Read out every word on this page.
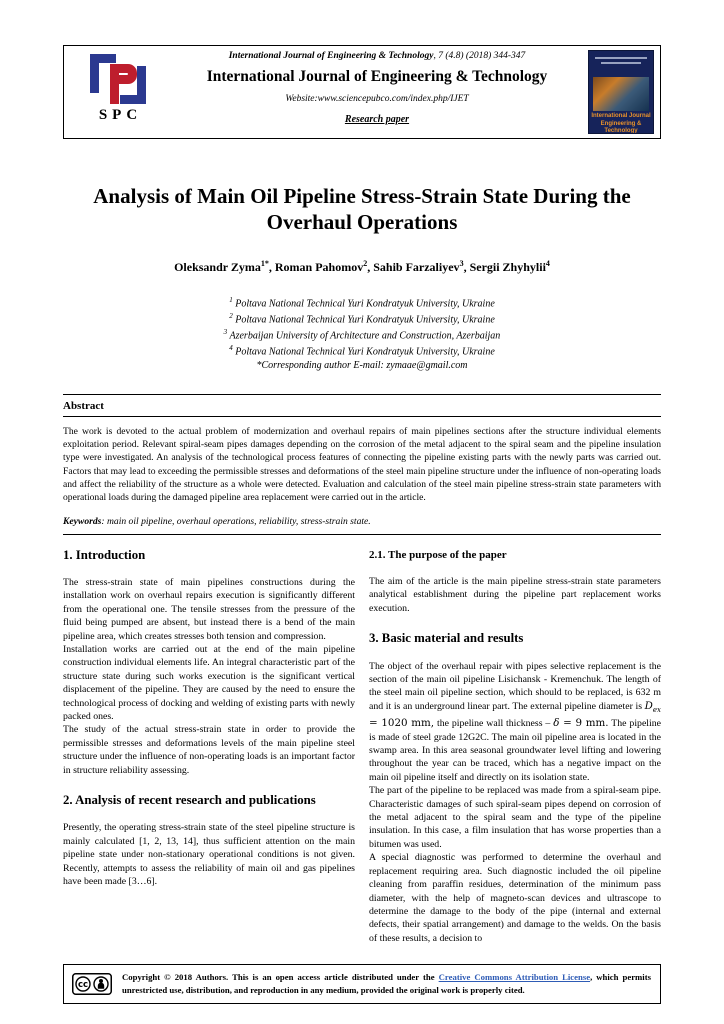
SPC
International Journal of Engineering & Technology, 7 (4.8) (2018) 344-347
International Journal of Engineering & Technology
Website:www.sciencepubco.com/index.php/IJET
Research paper	International Journal
Engineering & Technology
Analysis of Main Oil Pipeline Stress-Strain State During the Overhaul Operations
Oleksandr Zyma$^{1*}$, Roman Pahomov$^2$, Sahib Farzaliyev$^3$, Sergii Zhyhylii$^4$
$^1$ Poltava National Technical Yuri Kondratyuk University, Ukraine
$^2$ Poltava National Technical Yuri Kondratyuk University, Ukraine
$^3$ Azerbaijan University of Architecture and Construction, Azerbaijan
$^4$ Poltava National Technical Yuri Kondratyuk University, Ukraine
*Corresponding author E-mail: zymaae@gmail.com
Abstract

The work is devoted to the actual problem of modernization and overhaul repairs of main pipelines sections after the structure individual elements exploitation period. Relevant spiral-seam pipes damages depending on the corrosion of the metal adjacent to the spiral seam and the pipeline insulation type were investigated. An analysis of the technological process features of connecting the pipeline existing parts with the newly parts was carried out. Factors that may lead to exceeding the permissible stresses and deformations of the steel main pipeline structure under the influence of non-operating loads and affect the reliability of the structure as a whole were detected. Evaluation and calculation of the steel main pipeline stress-strain state parameters with operational loads during the damaged pipeline area replacement were carried out in the article.

Keywords: main oil pipeline, overhaul operations, reliability, stress-strain state.

1. Introduction

The stress-strain state of main pipelines constructions during the installation work on overhaul repairs execution is significantly different from the operational one. The tensile stresses from the pressure of the fluid being pumped are absent, but instead there is a bend of the main pipeline area, which creates stresses both tension and compression.

Installation works are carried out at the end of the main pipeline construction individual elements life. An integral characteristic part of the structure state during such works execution is the significant vertical displacement of the pipeline. They are caused by the need to ensure the technological process of docking and welding of existing parts with newly packed ones.

The study of the actual stress-strain state in order to provide the permissible stresses and deformations levels of the main pipeline steel structure under the influence of non-operating loads is an important factor in structure reliability assessing.

2. Analysis of recent research and publications

Presently, the operating stress-strain state of the steel pipeline structure is mainly calculated [1, 2, 13, 14], thus sufficient attention on the main pipeline state under non-stationary operational conditions is not given. Recently, attempts to assess the reliability of main oil and gas pipelines have been made [3…6].

2.1. The purpose of the paper

The aim of the article is the main pipeline stress-strain state parameters analytical establishment during the pipeline part replacement works execution.

3. Basic material and results

The object of the overhaul repair with pipes selective replacement is the section of the main oil pipeline Lisichansk - Kremenchuk. The length of the steel main oil pipeline section, which should to be replaced, is 632 m and it is an underground linear part. The external pipeline diameter is $D_{ex} = 1020$ mm, the pipeline wall thickness – δ = 9 mm. The pipeline is made of steel grade 12G2C. The main oil pipeline area is located in the swamp area. In this area seasonal groundwater level lifting and lowering throughout the year can be traced, which has a negative impact on the main oil pipeline itself and directly on its isolation state.

The part of the pipeline to be replaced was made from a spiral-seam pipe. Characteristic damages of such spiral-seam pipes depend on corrosion of the metal adjacent to the spiral seam and the type of the pipeline insulation. In this case, a film insulation that has worse properties than a bitumen was used.

A special diagnostic was performed to determine the overhaul and replacement requiring area. Such diagnostic included the oil pipeline cleaning from paraffin residues, determination of the minimum pass diameter, with the help of magneto-scan devices and ultrascope to determine the damage to the body of the pipe (internal and external defects, their spatial arrangement) and damage to the welds. On the basis of these results, a decision to

cc

Copyright © 2018 Authors. This is an open access article distributed under the Creative Commons Attribution License, which permits unrestricted use, distribution, and reproduction in any medium, provided the original work is properly cited.
